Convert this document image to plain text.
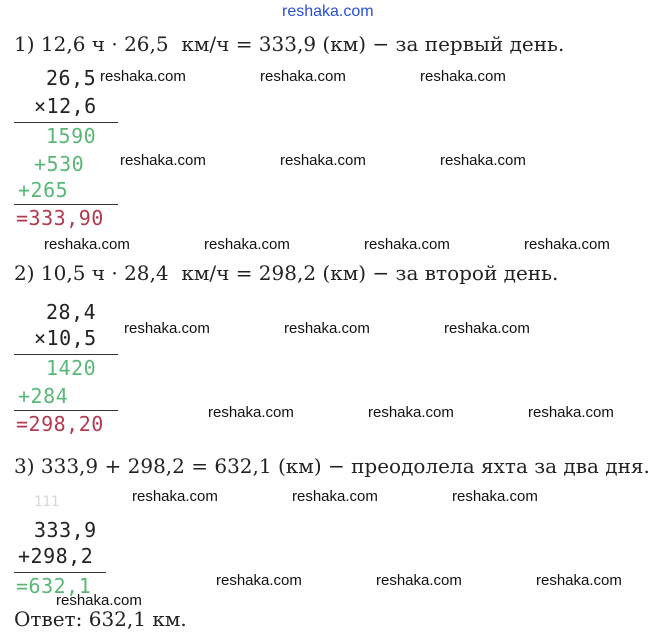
reshaka.com
1) 12,6 ч · 26,5  км/ч = 333,9 (км) − за первый день.
26,5
×12,6
1590
+530
+265
=333,90
2) 10,5 ч · 28,4  км/ч = 298,2 (км) − за второй день.
28,4
×10,5
1420
+284
=298,20
3) 333,9 + 298,2 = 632,1 (км) − преодолела яхта за два дня.
111
333,9
+298,2
=632,1
Ответ: 632,1 км.
reshaka.com	reshaka.com	reshaka.com
reshaka.com	reshaka.com	reshaka.com
reshaka.com	reshaka.com	reshaka.com	reshaka.com
reshaka.com	reshaka.com	reshaka.com
reshaka.com	reshaka.com	reshaka.com
reshaka.com	reshaka.com	reshaka.com
reshaka.com	reshaka.com	reshaka.com
reshaka.com
